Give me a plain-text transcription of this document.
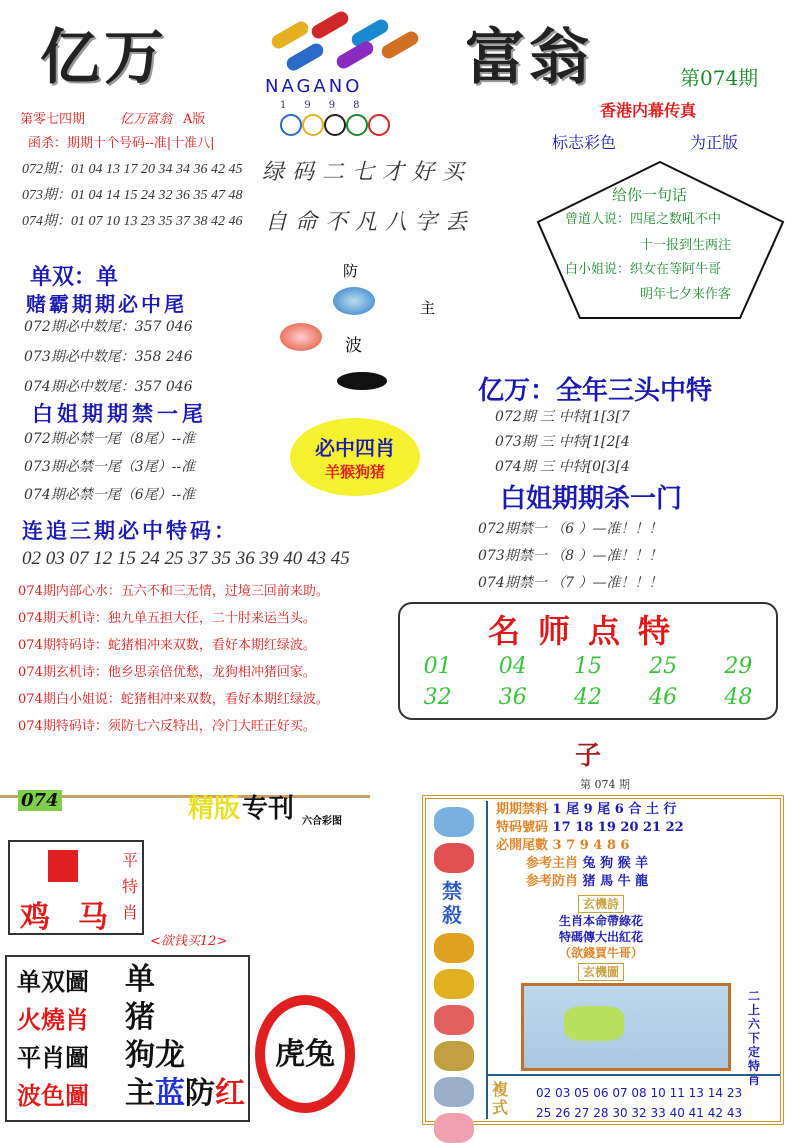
亿万	富翁
NAGANO
1998
第074期
香港内幕传真
标志彩色	为正版
第零七四期	亿万富翁 A版
函杀：期期十个号码--准|十准八|
072期：01 04 13 17 20 34 34 36 42 45
073期：01 04 14 15 24 32 36 35 47 48
074期：01 07 10 13 23 35 37 38 42 46
绿码二七才好买
自命不凡八字丢
单双：单
赌霸期期必中尾
072期必中数尾：357 046
073期必中数尾：358 246
074期必中数尾：357 046
白姐期期禁一尾
072期必禁一尾（8尾）--准
073期必禁一尾（3尾）--准
074期必禁一尾（6尾）--准
防
主
波
必中四肖
羊猴狗猪
给你一句话
曾道人说：四尾之数吼不中
十一报到生两注
白小姐说：织女在等阿牛哥
明年七夕来作客
亿万：全年三头中特
072期 三 中特[1[3[7
073期 三 中特[1[2[4
074期 三 中特[0[3[4
白姐期期杀一门
072期禁一 （6 ）—准！！！
073期禁一 （8 ）—准！！！
074期禁一 （7 ）—准！！！
连追三期必中特码：
02 03 07 12 15 24 25 37 35 36 39 40 43 45
074期内部心水：五六不和三无情，过境三回前来助。
074期天机诗：独九单五担大任，二十肘来运当头。
074期特码诗：蛇猪相冲来双数，看好本期红绿波。
074期玄机诗：他乡思亲倍优愁，龙狗相冲猪回家。
074期白小姐说：蛇猪相冲来双数，看好本期红绿波。
074期特码诗：须防七六反特出，冷门大旺正好买。
名师点特
01	04	15	25	29
32	36	42	46	48
074	精版 专刊 六合彩图
鸡 马
平特肖
<欲钱买12>
单双圖
火燒肖
平肖圖
波色圖
单
猪
狗龙
主蓝防红
虎兔
子
第 074 期
禁殺
期期禁料 1 尾 9 尾 6 合 土 行
特码號码 17 18 19 20 21 22
必開尾數 3 7 9 4 8 6
参考主肖 兔 狗 猴 羊
参考防肖 猪 馬 牛 龍
玄機詩
生肖本命帶綠花
特碼傳大出紅花
（欲錢買牛哥）
玄機圖
二上六下定特肖
複式
02 03 05 06 07 08 10 11 13 14 23
25 26 27 28 30 32 33 40 41 42 43
